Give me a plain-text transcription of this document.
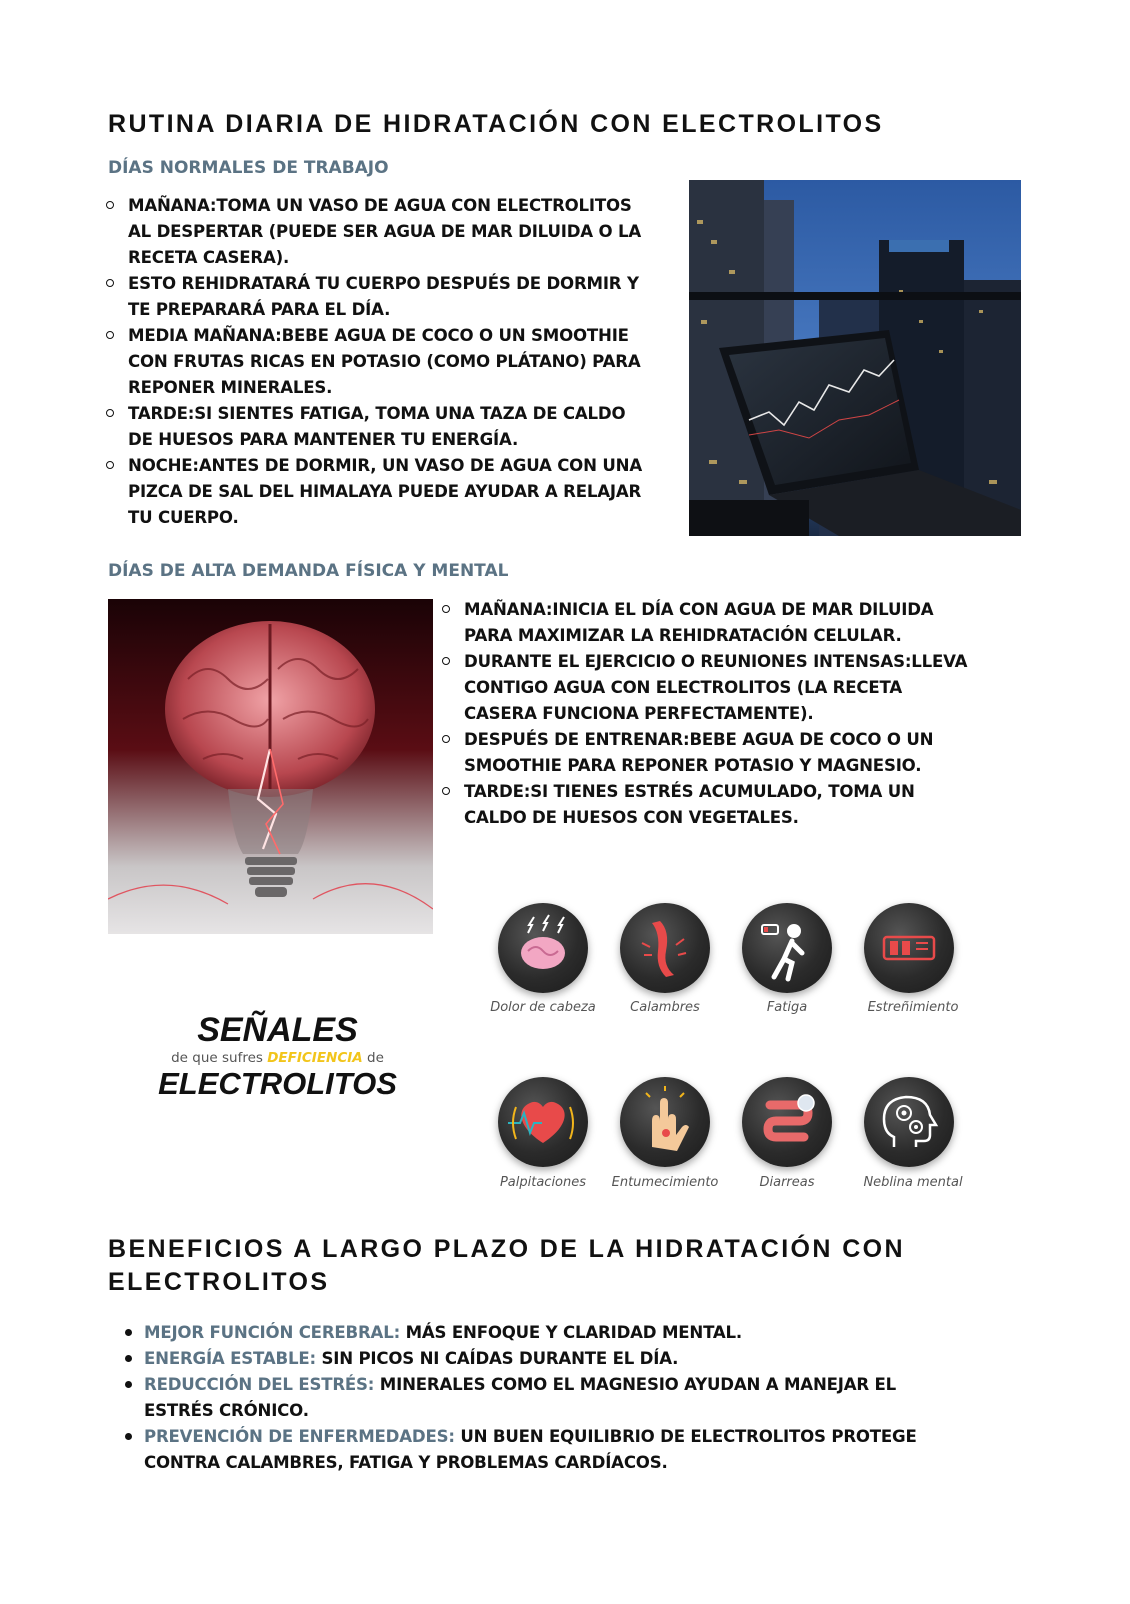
RUTINA DIARIA DE HIDRATACIÓN CON ELECTROLITOS
DÍAS NORMALES DE TRABAJO
MAÑANA:TOMA UN VASO DE AGUA CON ELECTROLITOS AL DESPERTAR (PUEDE SER AGUA DE MAR DILUIDA O LA RECETA CASERA).
ESTO REHIDRATARÁ TU CUERPO DESPUÉS DE DORMIR Y TE PREPARARÁ PARA EL DÍA.
MEDIA MAÑANA:BEBE AGUA DE COCO O UN SMOOTHIE CON FRUTAS RICAS EN POTASIO (COMO PLÁTANO) PARA REPONER MINERALES.
TARDE:SI SIENTES FATIGA, TOMA UNA TAZA DE CALDO DE HUESOS PARA MANTENER TU ENERGÍA.
NOCHE:ANTES DE DORMIR, UN VASO DE AGUA CON UNA PIZCA DE SAL DEL HIMALAYA PUEDE AYUDAR A RELAJAR TU CUERPO.
DÍAS DE ALTA DEMANDA FÍSICA Y MENTAL
MAÑANA:INICIA EL DÍA CON AGUA DE MAR DILUIDA PARA MAXIMIZAR LA REHIDRATACIÓN CELULAR.
DURANTE EL EJERCICIO O REUNIONES INTENSAS:LLEVA CONTIGO AGUA CON ELECTROLITOS (LA RECETA CASERA FUNCIONA PERFECTAMENTE).
DESPUÉS DE ENTRENAR:BEBE AGUA DE COCO O UN SMOOTHIE PARA REPONER POTASIO Y MAGNESIO.
TARDE:SI TIENES ESTRÉS ACUMULADO, TOMA UN CALDO DE HUESOS CON VEGETALES.
SEÑALES
de que sufres DEFICIENCIA de
ELECTROLITOS
Dolor de cabeza	Calambres	Fatiga	Estreñimiento
Palpitaciones	Entumecimiento	Diarreas	Neblina mental
BENEFICIOS A LARGO PLAZO DE LA HIDRATACIÓN CON
ELECTROLITOS
MEJOR FUNCIÓN CEREBRAL: MÁS ENFOQUE Y CLARIDAD MENTAL.
ENERGÍA ESTABLE: SIN PICOS NI CAÍDAS DURANTE EL DÍA.
REDUCCIÓN DEL ESTRÉS: MINERALES COMO EL MAGNESIO AYUDAN A MANEJAR EL ESTRÉS CRÓNICO.
PREVENCIÓN DE ENFERMEDADES: UN BUEN EQUILIBRIO DE ELECTROLITOS PROTEGE CONTRA CALAMBRES, FATIGA Y PROBLEMAS CARDÍACOS.
